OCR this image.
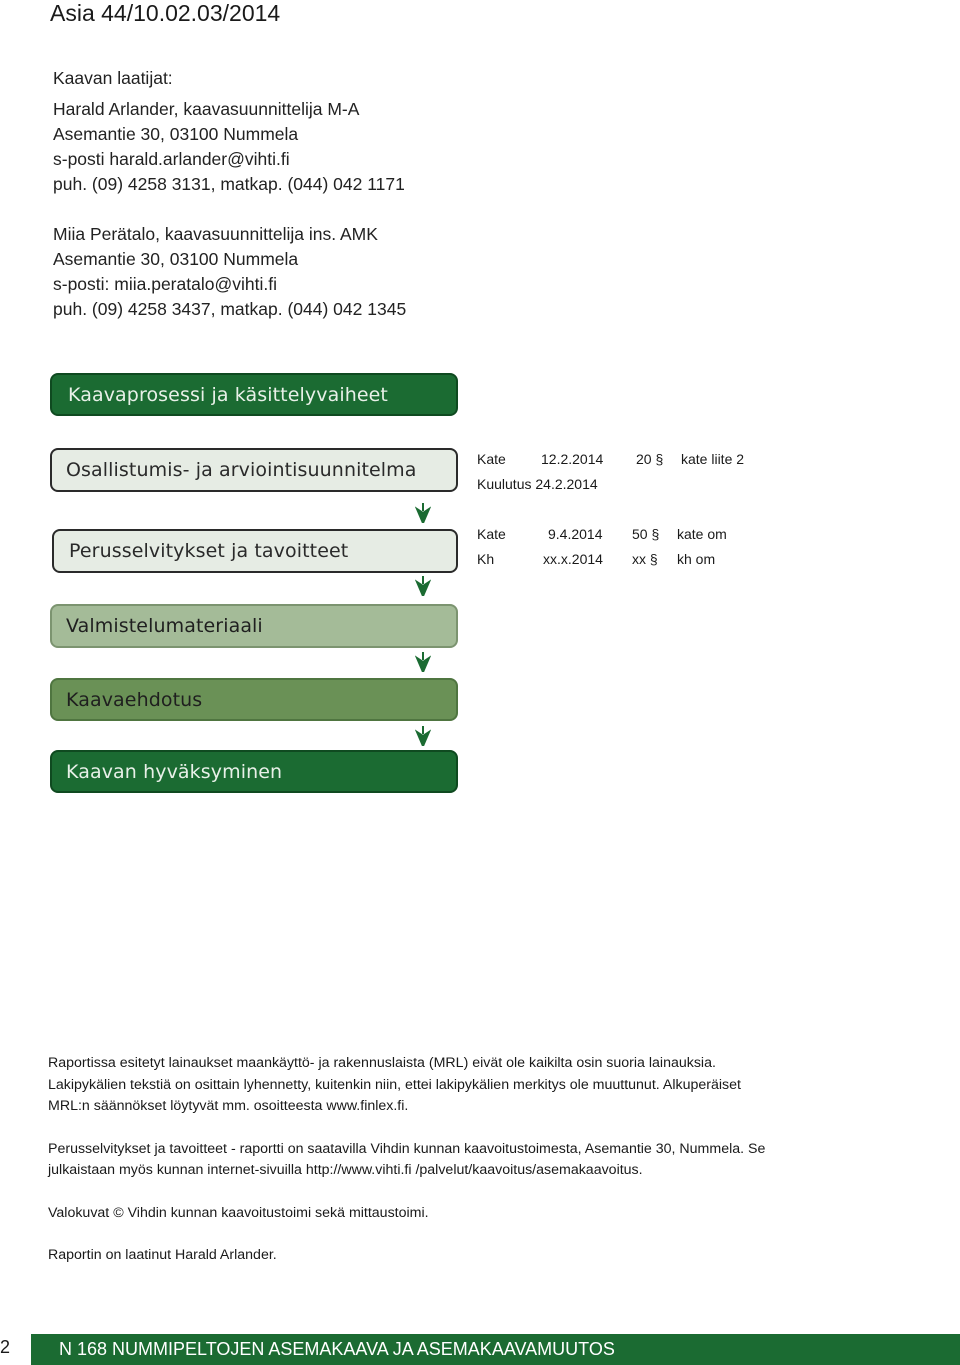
Asia 44/10.02.03/2014
Kaavan laatijat:
Harald Arlander, kaavasuunnittelija M-A
Asemantie 30, 03100 Nummela
s-posti harald.arlander@vihti.fi
puh. (09) 4258 3131, matkap. (044) 042 1171
Miia Perätalo, kaavasuunnittelija ins. AMK
Asemantie 30, 03100 Nummela
s-posti: miia.peratalo@vihti.fi
puh. (09) 4258 3437, matkap. (044) 042 1345
Kaavaprosessi ja käsittelyvaiheet
Osallistumis- ja arviointisuunnitelma
Perusselvitykset ja tavoitteet
Valmistelumateriaali
Kaavaehdotus
Kaavan hyväksyminen
Kate	12.2.2014 20 § kate liite 2
Kuulutus 24.2.2014
Kate	9.4.2014 50 § kate om
Kh	xx.x.2014 xx § kh om

Raportissa esitetyt lainaukset maankäyttö- ja rakennuslaista (MRL) eivät ole kaikilta osin suoria lainauksia. Lakipykälien tekstiä on osittain lyhennetty, kuitenkin niin, ettei lakipykälien merkitys ole muuttunut. Alkuperäiset MRL:n säännökset löytyvät mm. osoitteesta www.finlex.fi.

Perusselvitykset ja tavoitteet - raportti on saatavilla Vihdin kunnan kaavoitustoimesta, Asemantie 30, Nummela. Se julkaistaan myös kunnan internet-sivuilla http://www.vihti.fi /palvelut/kaavoitus/asemakaavoitus.

Valokuvat © Vihdin kunnan kaavoitustoimi sekä mittaustoimi.

Raportin on laatinut Harald Arlander.

2	N 168 NUMMIPELTOJEN ASEMAKAAVA JA ASEMAKAAVAMUUTOS
